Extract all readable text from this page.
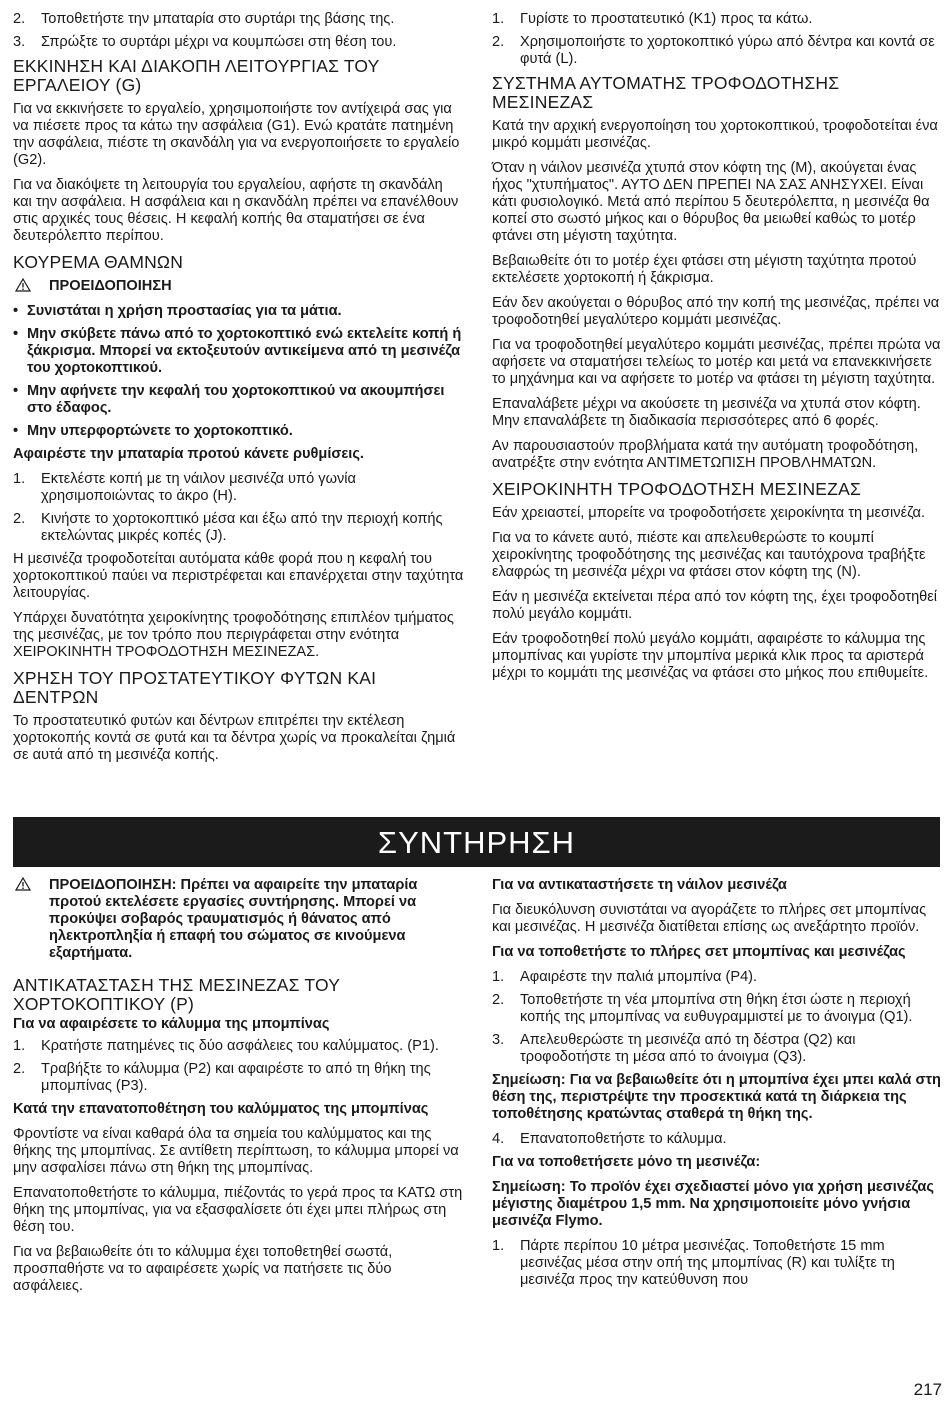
2.	Τοποθετήστε την μπαταρία στο συρτάρι της βάσης της.
3.	Σπρώξτε το συρτάρι μέχρι να κουμπώσει στη θέση του.
ΕΚΚΙΝΗΣΗ ΚΑΙ ΔΙΑΚΟΠΗ ΛΕΙΤΟΥΡΓΙΑΣ ΤΟΥ ΕΡΓΑΛΕΙΟΥ (G)

Για να εκκινήσετε το εργαλείο, χρησιμοποιήστε τον αντίχειρά σας για να πιέσετε προς τα κάτω την ασφάλεια (G1). Ενώ κρατάτε πατημένη την ασφάλεια, πιέστε τη σκανδάλη για να ενεργοποιήσετε το εργαλείο (G2).

Για να διακόψετε τη λειτουργία του εργαλείου, αφήστε τη σκανδάλη και την ασφάλεια. Η ασφάλεια και η σκανδάλη πρέπει να επανέλθουν στις αρχικές τους θέσεις. Η κεφαλή κοπής θα σταματήσει σε ένα δευτερόλεπτο περίπου.

ΚΟΥΡΕΜΑ ΘΑΜΝΩΝ
ΠΡΟΕΙΔΟΠΟΙΗΣΗ
• Συνιστάται η χρήση προστασίας για τα μάτια.
• Μην σκύβετε πάνω από το χορτοκοπτικό ενώ εκτελείτε κοπή ή ξάκρισμα. Μπορεί να εκτοξευτούν αντικείμενα από τη μεσινέζα του χορτοκοπτικού.
• Μην αφήνετε την κεφαλή του χορτοκοπτικού να ακουμπήσει στο έδαφος.
• Μην υπερφορτώνετε το χορτοκοπτικό.

Αφαιρέστε την μπαταρία προτού κάνετε ρυθμίσεις.

1.	Εκτελέστε κοπή με τη νάιλον μεσινέζα υπό γωνία χρησιμοποιώντας το άκρο (H).
2.	Κινήστε το χορτοκοπτικό μέσα και έξω από την περιοχή κοπής εκτελώντας μικρές κοπές (J).

Η μεσινέζα τροφοδοτείται αυτόματα κάθε φορά που η κεφαλή του χορτοκοπτικού παύει να περιστρέφεται και επανέρχεται στην ταχύτητα λειτουργίας.

Υπάρχει δυνατότητα χειροκίνητης τροφοδότησης επιπλέον τμήματος της μεσινέζας, με τον τρόπο που περιγράφεται στην ενότητα ΧΕΙΡΟΚΙΝΗΤΗ ΤΡΟΦΟΔΟΤΗΣΗ ΜΕΣΙΝΕΖΑΣ.

ΧΡΗΣΗ ΤΟΥ ΠΡΟΣΤΑΤΕΥΤΙΚΟΥ ΦΥΤΩΝ ΚΑΙ ΔΕΝΤΡΩΝ

Το προστατευτικό φυτών και δέντρων επιτρέπει την εκτέλεση χορτοκοπής κοντά σε φυτά και τα δέντρα χωρίς να προκαλείται ζημιά σε αυτά από τη μεσινέζα κοπής.

1.	Γυρίστε το προστατευτικό (K1) προς τα κάτω.
2.	Χρησιμοποιήστε το χορτοκοπτικό γύρω από δέντρα και κοντά σε φυτά (L).
ΣΥΣΤΗΜΑ ΑΥΤΟΜΑΤΗΣ ΤΡΟΦΟΔΟΤΗΣΗΣ ΜΕΣΙΝΕΖΑΣ

Κατά την αρχική ενεργοποίηση του χορτοκοπτικού, τροφοδοτείται ένα μικρό κομμάτι μεσινέζας.

Όταν η νάιλον μεσινέζα χτυπά στον κόφτη της (M), ακούγεται ένας ήχος "χτυπήματος". ΑΥΤΟ ΔΕΝ ΠΡΕΠΕΙ ΝΑ ΣΑΣ ΑΝΗΣΥΧΕΙ. Είναι κάτι φυσιολογικό. Μετά από περίπου 5 δευτερόλεπτα, η μεσινέζα θα κοπεί στο σωστό μήκος και ο θόρυβος θα μειωθεί καθώς το μοτέρ φτάνει στη μέγιστη ταχύτητα.

Βεβαιωθείτε ότι το μοτέρ έχει φτάσει στη μέγιστη ταχύτητα προτού εκτελέσετε χορτοκοπή ή ξάκρισμα.

Εάν δεν ακούγεται ο θόρυβος από την κοπή της μεσινέζας, πρέπει να τροφοδοτηθεί μεγαλύτερο κομμάτι μεσινέζας.

Για να τροφοδοτηθεί μεγαλύτερο κομμάτι μεσινέζας, πρέπει πρώτα να αφήσετε να σταματήσει τελείως το μοτέρ και μετά να επανεκκινήσετε το μηχάνημα και να αφήσετε το μοτέρ να φτάσει τη μέγιστη ταχύτητα.

Επαναλάβετε μέχρι να ακούσετε τη μεσινέζα να χτυπά στον κόφτη. Μην επαναλάβετε τη διαδικασία περισσότερες από 6 φορές.

Αν παρουσιαστούν προβλήματα κατά την αυτόματη τροφοδότηση, ανατρέξτε στην ενότητα ΑΝΤΙΜΕΤΩΠΙΣΗ ΠΡΟΒΛΗΜΑΤΩΝ.

ΧΕΙΡΟΚΙΝΗΤΗ ΤΡΟΦΟΔΟΤΗΣΗ ΜΕΣΙΝΕΖΑΣ

Εάν χρειαστεί, μπορείτε να τροφοδοτήσετε χειροκίνητα τη μεσινέζα.

Για να το κάνετε αυτό, πιέστε και απελευθερώστε το κουμπί χειροκίνητης τροφοδότησης της μεσινέζας και ταυτόχρονα τραβήξτε ελαφρώς τη μεσινέζα μέχρι να φτάσει στον κόφτη της (N).

Εάν η μεσινέζα εκτείνεται πέρα από τον κόφτη της, έχει τροφοδοτηθεί πολύ μεγάλο κομμάτι.

Εάν τροφοδοτηθεί πολύ μεγάλο κομμάτι, αφαιρέστε το κάλυμμα της μπομπίνας και γυρίστε την μπομπίνα μερικά κλικ προς τα αριστερά μέχρι το κομμάτι της μεσινέζας να φτάσει στο μήκος που επιθυμείτε.

ΣΥΝΤΗΡΗΣΗ
ΠΡΟΕΙΔΟΠΟΙΗΣΗ: Πρέπει να αφαιρείτε την μπαταρία προτού εκτελέσετε εργασίες συντήρησης. Μπορεί να προκύψει σοβαρός τραυματισμός ή θάνατος από ηλεκτροπληξία ή επαφή του σώματος σε κινούμενα εξαρτήματα.
ΑΝΤΙΚΑΤΑΣΤΑΣΗ ΤΗΣ ΜΕΣΙΝΕΖΑΣ ΤΟΥ ΧΟΡΤΟΚΟΠΤΙΚΟΥ (P)

Για να αφαιρέσετε το κάλυμμα της μπομπίνας

1.	Κρατήστε πατημένες τις δύο ασφάλειες του καλύμματος. (P1).
2.	Τραβήξτε το κάλυμμα (P2) και αφαιρέστε το από τη θήκη της μπομπίνας (P3).

Κατά την επανατοποθέτηση του καλύμματος της μπομπίνας

Φροντίστε να είναι καθαρά όλα τα σημεία του καλύμματος και της θήκης της μπομπίνας. Σε αντίθετη περίπτωση, το κάλυμμα μπορεί να μην ασφαλίσει πάνω στη θήκη της μπομπίνας.

Επανατοποθετήστε το κάλυμμα, πιέζοντάς το γερά προς τα ΚΑΤΩ στη θήκη της μπομπίνας, για να εξασφαλίσετε ότι έχει μπει πλήρως στη θέση του.

Για να βεβαιωθείτε ότι το κάλυμμα έχει τοποθετηθεί σωστά, προσπαθήστε να το αφαιρέσετε χωρίς να πατήσετε τις δύο ασφάλειες.

Για να αντικαταστήσετε τη νάιλον μεσινέζα

Για διευκόλυνση συνιστάται να αγοράζετε το πλήρες σετ μπομπίνας και μεσινέζας. Η μεσινέζα διατίθεται επίσης ως ανεξάρτητο προϊόν.

Για να τοποθετήστε το πλήρες σετ μπομπίνας και μεσινέζας

1.	Αφαιρέστε την παλιά μπομπίνα (P4).
2.	Τοποθετήστε τη νέα μπομπίνα στη θήκη έτσι ώστε η περιοχή κοπής της μπομπίνας να ευθυγραμμιστεί με το άνοιγμα (Q1).
3.	Απελευθερώστε τη μεσινέζα από τη δέστρα (Q2) και τροφοδοτήστε τη μέσα από το άνοιγμα (Q3).

Σημείωση: Για να βεβαιωθείτε ότι η μπομπίνα έχει μπει καλά στη θέση της, περιστρέψτε την προσεκτικά κατά τη διάρκεια της τοποθέτησης κρατώντας σταθερά τη θήκη της.

4.	Επανατοποθετήστε το κάλυμμα.

Για να τοποθετήσετε μόνο τη μεσινέζα:

Σημείωση: Το προϊόν έχει σχεδιαστεί μόνο για χρήση μεσινέζας μέγιστης διαμέτρου 1,5 mm. Να χρησιμοποιείτε μόνο γνήσια μεσινέζα Flymo.

1.	Πάρτε περίπου 10 μέτρα μεσινέζας. Τοποθετήστε 15 mm μεσινέζας μέσα στην οπή της μπομπίνας (R) και τυλίξτε τη μεσινέζα προς την κατεύθυνση που
217
